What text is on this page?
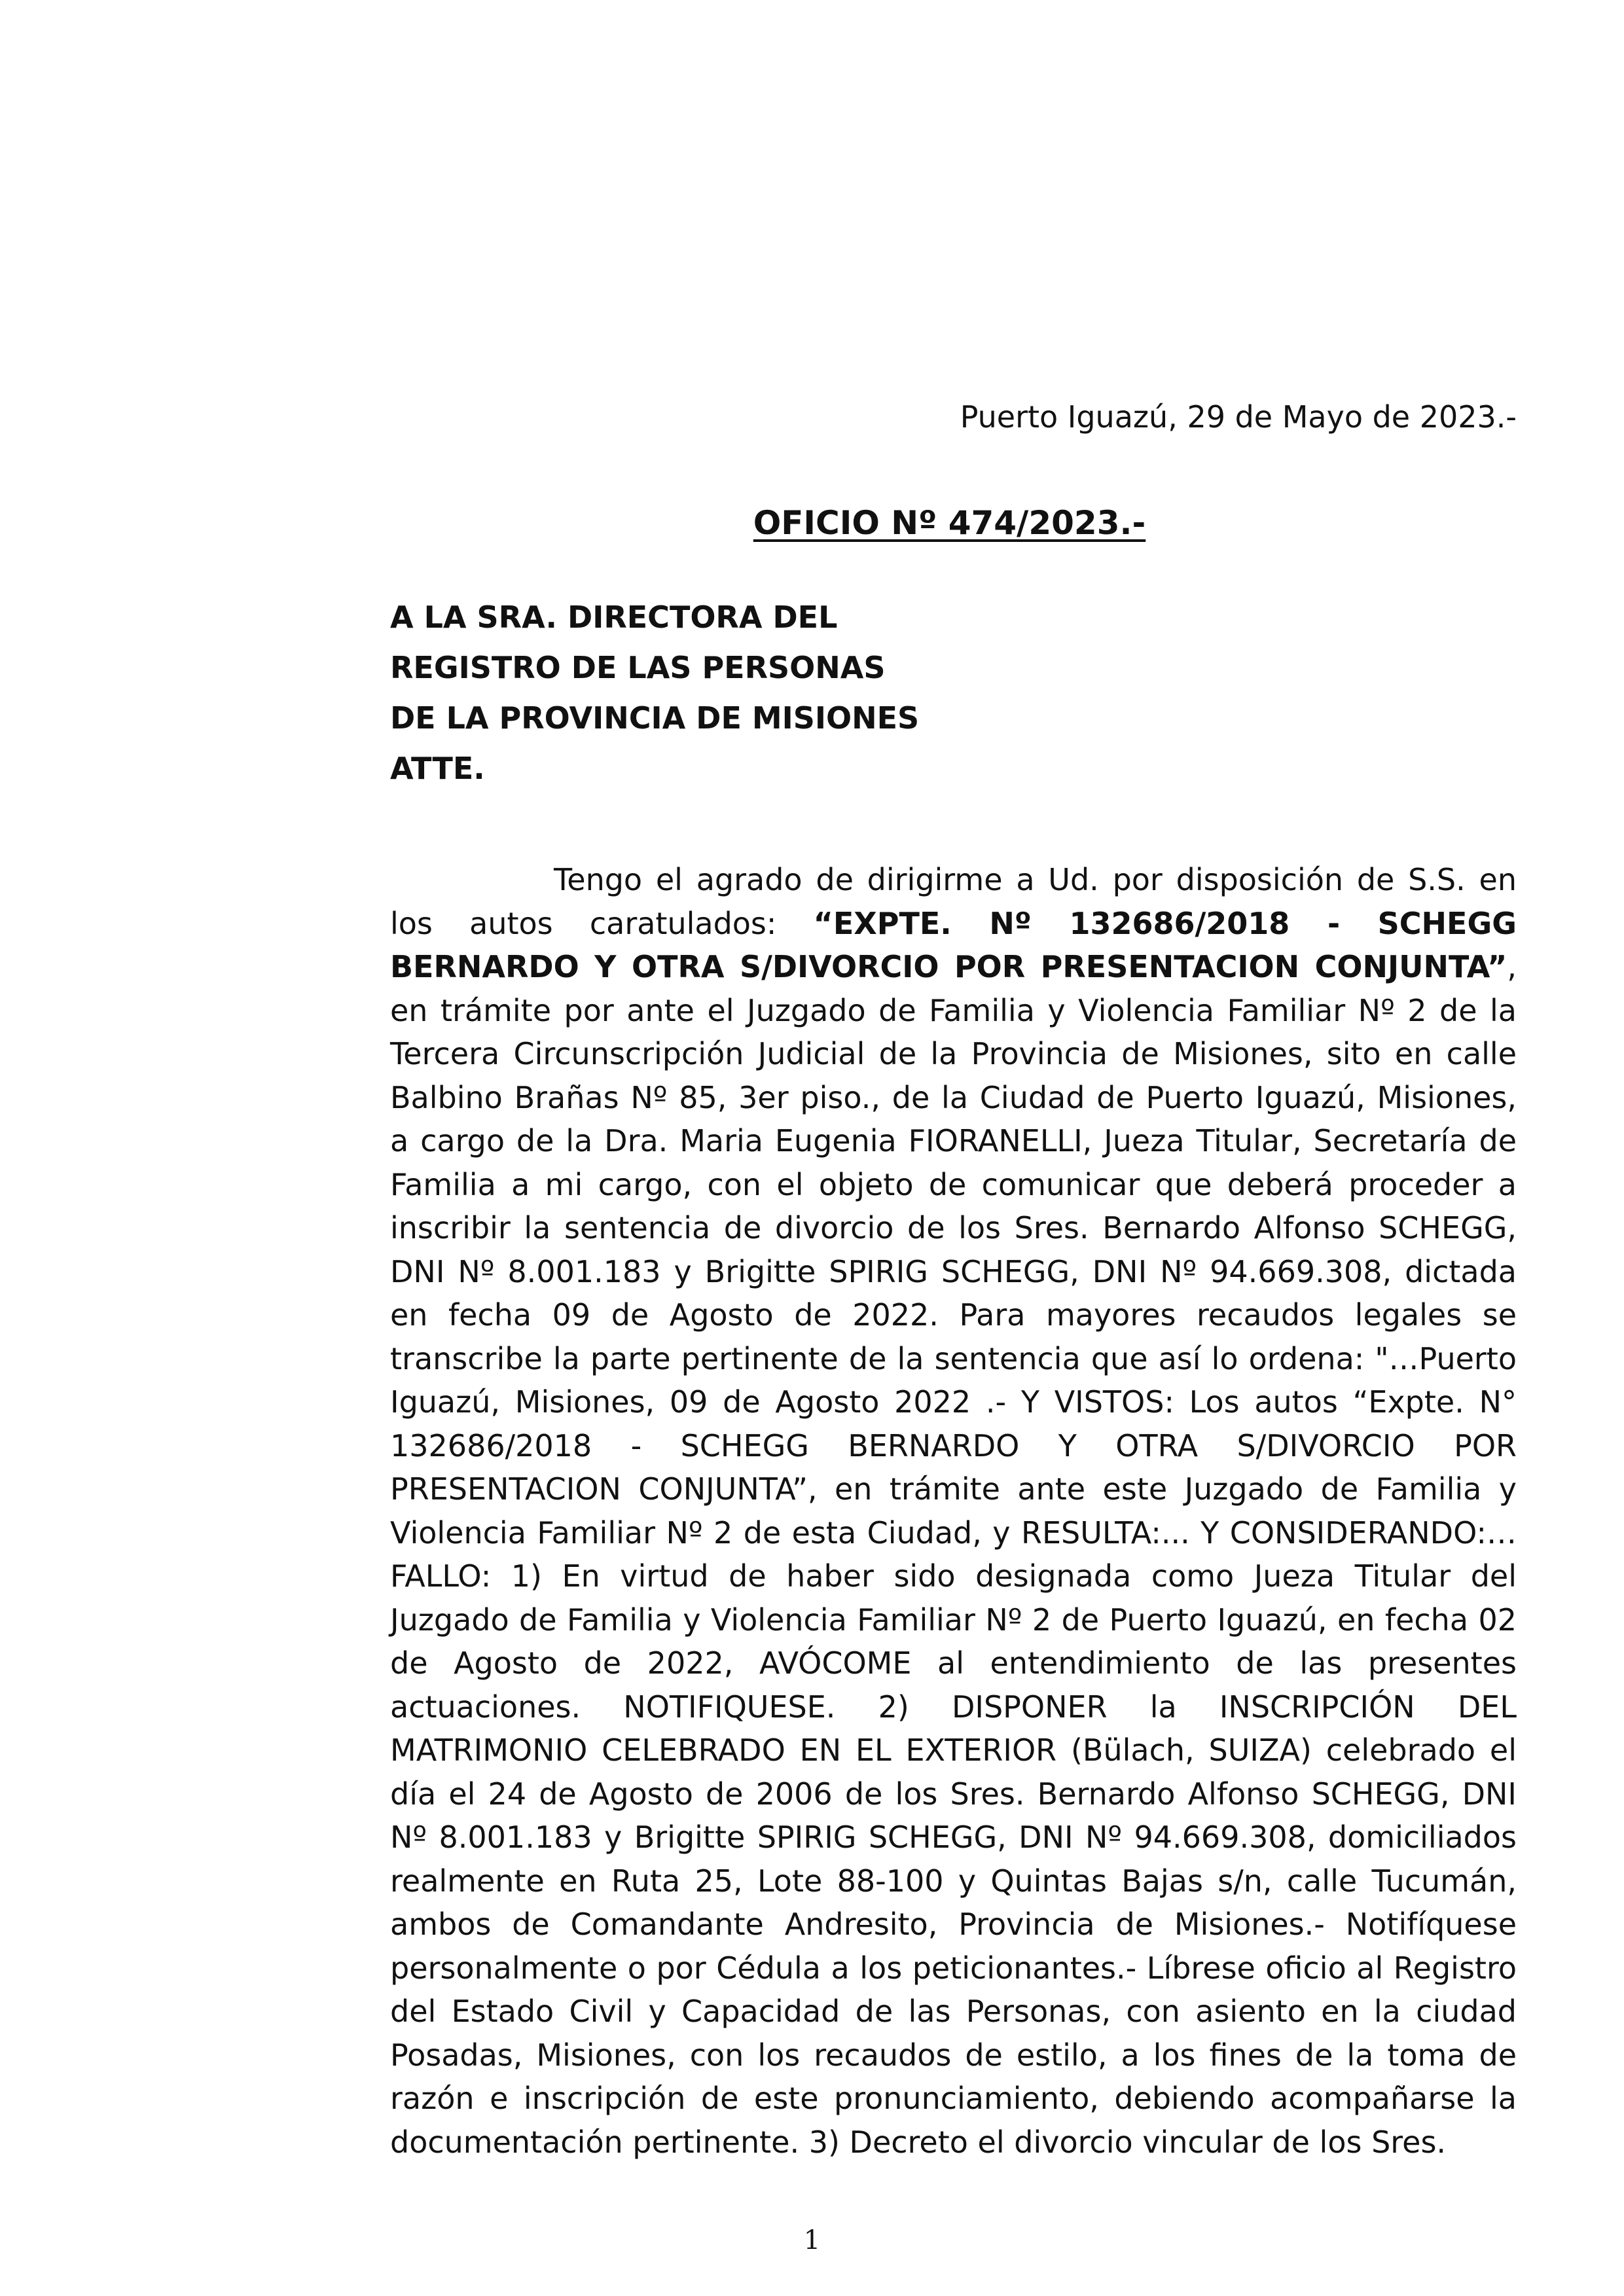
Puerto Iguazú, 29 de Mayo de 2023.-
OFICIO Nº 474/2023.-
A LA SRA. DIRECTORA DEL
REGISTRO DE LAS PERSONAS
DE LA PROVINCIA DE MISIONES
ATTE.

Tengo el agrado de dirigirme a Ud. por disposición de S.S. en los autos caratulados: “EXPTE. Nº 132686/2018 - SCHEGG BERNARDO Y OTRA S/DIVORCIO POR PRESENTACION CONJUNTA”, en trámite por ante el Juzgado de Familia y Violencia Familiar Nº 2 de la Tercera Circunscripción Judicial de la Provincia de Misiones, sito en calle Balbino Brañas Nº 85, 3er piso., de la Ciudad de Puerto Iguazú, Misiones, a cargo de la Dra. Maria Eugenia FIORANELLI, Jueza Titular, Secretaría de Familia a mi cargo, con el objeto de comunicar que deberá proceder a inscribir la sentencia de divorcio de los Sres. Bernardo Alfonso SCHEGG, DNI Nº 8.001.183 y Brigitte SPIRIG SCHEGG, DNI Nº 94.669.308, dictada en fecha 09 de Agosto de 2022. Para mayores recaudos legales se transcribe la parte pertinente de la sentencia que así lo ordena: "…Puerto Iguazú, Misiones, 09 de Agosto 2022 .- Y VISTOS: Los autos “Expte. N° 132686/2018 - SCHEGG BERNARDO Y OTRA S/DIVORCIO POR PRESENTACION CONJUNTA”, en trámite ante este Juzgado de Familia y Violencia Familiar Nº 2 de esta Ciudad, y RESULTA:... Y CONSIDERANDO:… FALLO: 1) En virtud de haber sido designada como Jueza Titular del Juzgado de Familia y Violencia Familiar Nº 2 de Puerto Iguazú, en fecha 02 de Agosto de 2022, AVÓCOME al entendimiento de las presentes actuaciones. NOTIFIQUESE. 2) DISPONER la INSCRIPCIÓN DEL MATRIMONIO CELEBRADO EN EL EXTERIOR (Bülach, SUIZA) celebrado el día el 24 de Agosto de 2006 de los Sres. Bernardo Alfonso SCHEGG, DNI Nº 8.001.183 y Brigitte SPIRIG SCHEGG, DNI Nº 94.669.308, domiciliados realmente en Ruta 25, Lote 88-100 y Quintas Bajas s/n, calle Tucumán, ambos de Comandante Andresito, Provincia de Misiones.- Notifíquese personalmente o por Cédula a los peticionantes.- Líbrese oficio al Registro del Estado Civil y Capacidad de las Personas, con asiento en la ciudad Posadas, Misiones, con los recaudos de estilo, a los fines de la toma de razón e inscripción de este pronunciamiento, debiendo acompañarse la documentación pertinente. 3) Decreto el divorcio vincular de los Sres.

1
